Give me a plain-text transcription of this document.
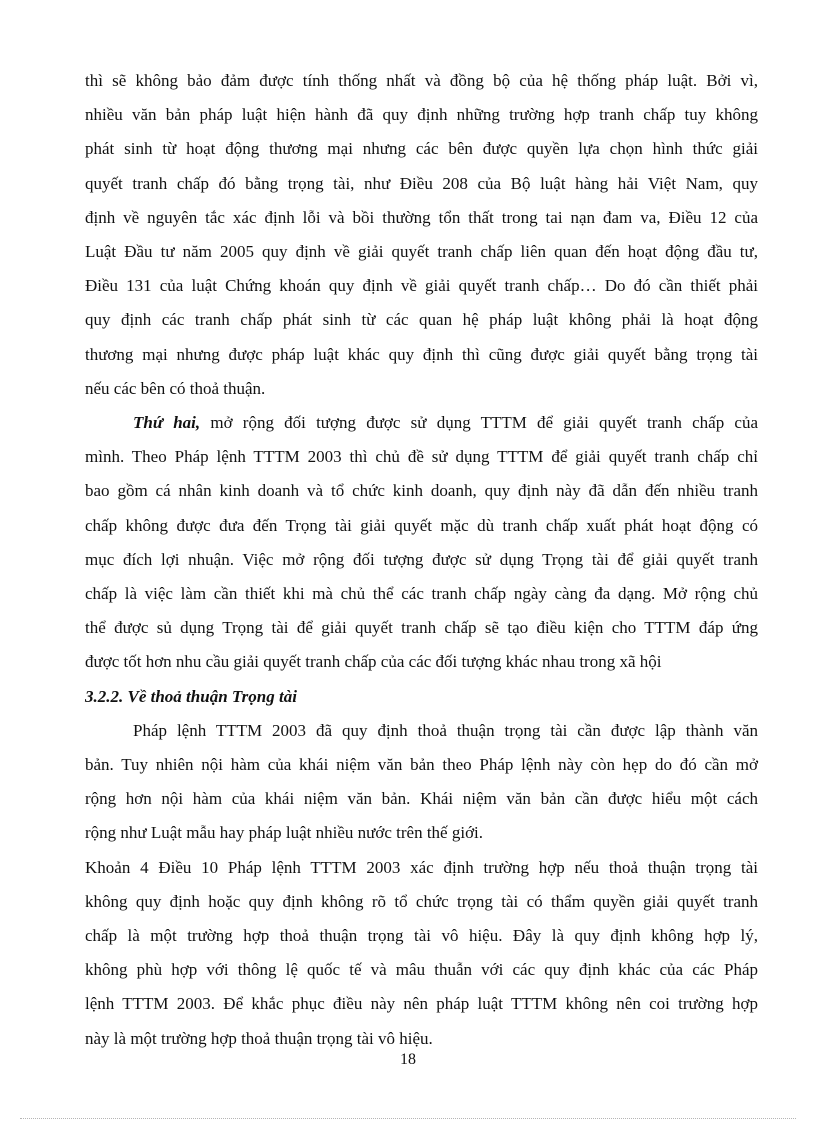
thì sẽ không bảo đảm được tính thống nhất và đồng bộ của hệ thống pháp luật. Bởi vì,
nhiều văn bản pháp luật hiện hành đã quy định những trường hợp tranh chấp tuy không
phát sinh từ hoạt động thương mại nhưng các bên được quyền lựa chọn hình thức giải
quyết tranh chấp đó bằng trọng tài, như Điều 208 của Bộ luật hàng hải Việt Nam, quy
định về nguyên tắc xác định lỗi và bồi thường tổn thất trong tai nạn đam va, Điều 12 của
Luật Đầu tư năm 2005 quy định về giải quyết tranh chấp liên quan đến hoạt động đầu tư,
Điều 131 của luật Chứng khoán quy định về giải quyết tranh chấp… Do đó cần thiết phải
quy định các tranh chấp phát sinh từ các quan hệ pháp luật không phải là hoạt động
thương mại nhưng được pháp luật khác quy định thì cũng được giải quyết bằng trọng tài
nếu các bên có thoả thuận.

Thứ hai, mở rộng đối tượng được sử dụng TTTM để giải quyết tranh chấp của
mình. Theo Pháp lệnh TTTM 2003 thì chủ đề sử dụng TTTM để giải quyết tranh chấp chỉ
bao gồm cá nhân kinh doanh và tổ chức kinh doanh, quy định này đã dẫn đến nhiều tranh
chấp không được đưa đến Trọng tài giải quyết mặc dù tranh chấp xuất phát hoạt động có
mục đích lợi nhuận. Việc mở rộng đối tượng được sử dụng Trọng tài để giải quyết tranh
chấp là việc làm cần thiết khi mà chủ thể các tranh chấp ngày càng đa dạng. Mở rộng chủ
thể được sủ dụng Trọng tài để giải quyết tranh chấp sẽ tạo điều kiện cho TTTM đáp ứng
được tốt hơn nhu cầu giải quyết tranh chấp của các đối tượng khác nhau trong xã hội

3.2.2. Về thoả thuận Trọng tài

Pháp lệnh TTTM 2003 đã quy định thoả thuận trọng tài cần được lập thành văn
bản. Tuy nhiên nội hàm của khái niệm văn bản theo Pháp lệnh này còn hẹp do đó cần mở
rộng hơn nội hàm của khái niệm văn bản. Khái niệm văn bản cần được hiểu một cách
rộng như Luật mẫu hay pháp luật nhiều nước trên thế giới.

Khoản 4 Điều 10 Pháp lệnh TTTM 2003 xác định trường hợp nếu thoả thuận trọng tài
không quy định hoặc quy định không rõ tổ chức trọng tài có thẩm quyền giải quyết tranh
chấp là một trường hợp thoả thuận trọng tài vô hiệu. Đây là quy định không hợp lý,
không phù hợp với thông lệ quốc tế và mâu thuẫn với các quy định khác của các Pháp
lệnh TTTM 2003. Để khắc phục điều này nên pháp luật TTTM không nên coi trường hợp
này là một trường hợp thoả thuận trọng tài vô hiệu.

18
